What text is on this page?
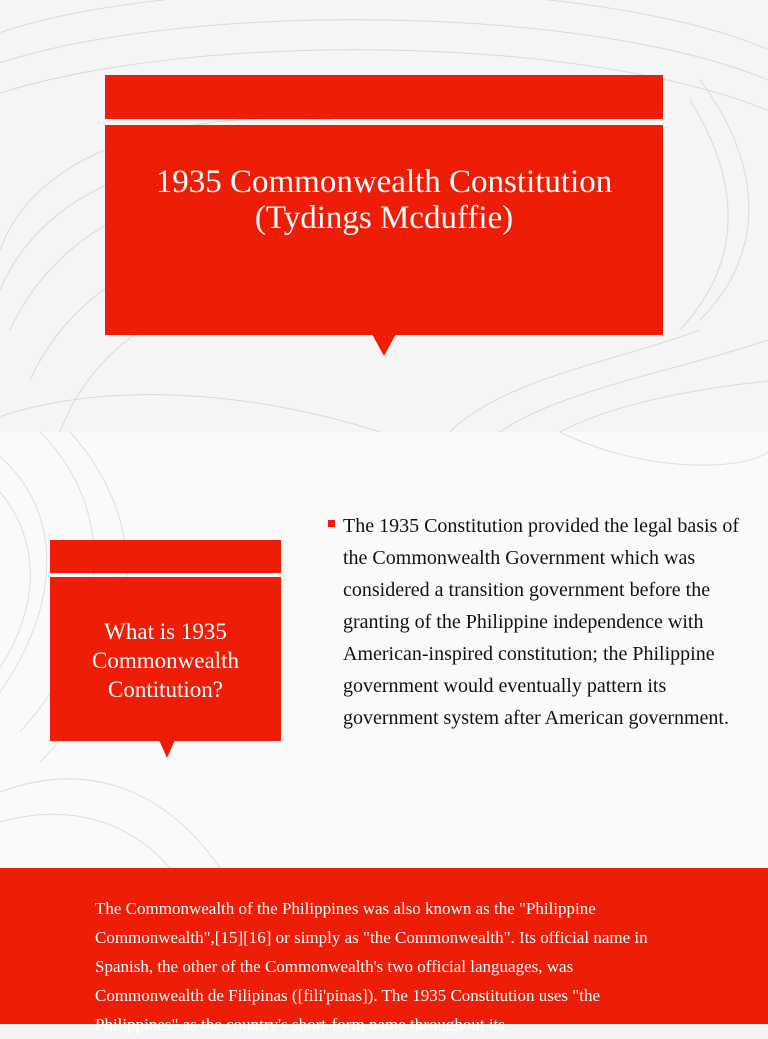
1935 Commonwealth Constitution
(Tydings Mcduffie)
What is 1935
Commonwealth
Contitution?
The 1935 Constitution provided the legal basis of the Commonwealth Government which was considered a transition government before the granting of the Philippine independence with American-inspired constitution; the Philippine government would eventually pattern its government system after American government.
The Commonwealth of the Philippines was also known as the "Philippine Commonwealth",[15][16] or simply as "the Commonwealth". Its official name in Spanish, the other of the Commonwealth's two official languages, was Commonwealth de Filipinas ([fili'pinas]). The 1935 Constitution uses "the Philippines" as the country's short-form name throughout its
